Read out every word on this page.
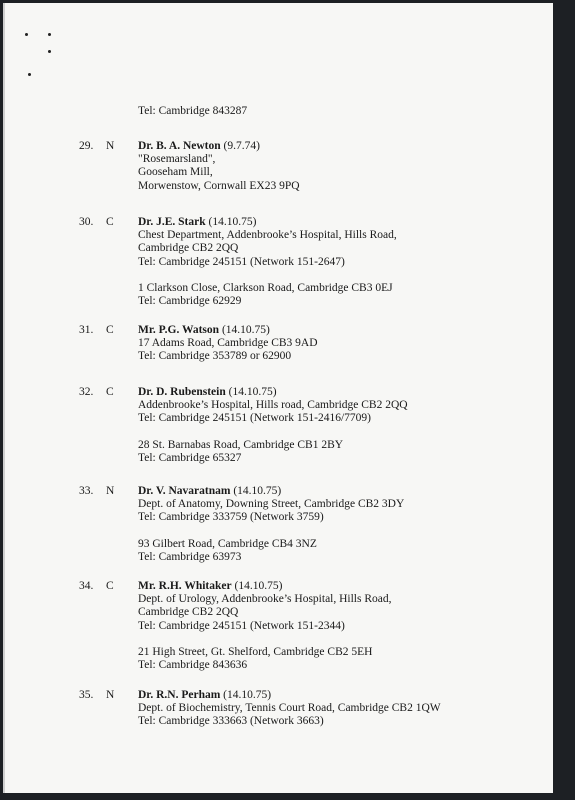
Tel: Cambridge 843287
29. N Dr. B. A. Newton (9.7.74)
"Rosemarsland",
Gooseham Mill,
Morwenstow, Cornwall EX23 9PQ
30. C Dr. J.E. Stark (14.10.75)
Chest Department, Addenbrooke’s Hospital, Hills Road,
Cambridge CB2 2QQ
Tel: Cambridge 245151 (Network 151-2647)
1 Clarkson Close, Clarkson Road, Cambridge CB3 0EJ
Tel: Cambridge 62929
31. C Mr. P.G. Watson (14.10.75)
17 Adams Road, Cambridge CB3 9AD
Tel: Cambridge 353789 or 62900
32. C Dr. D. Rubenstein (14.10.75)
Addenbrooke’s Hospital, Hills road, Cambridge CB2 2QQ
Tel: Cambridge 245151 (Network 151-2416/7709)
28 St. Barnabas Road, Cambridge CB1 2BY
Tel: Cambridge 65327
33. N Dr. V. Navaratnam (14.10.75)
Dept. of Anatomy, Downing Street, Cambridge CB2 3DY
Tel: Cambridge 333759 (Network 3759)
93 Gilbert Road, Cambridge CB4 3NZ
Tel: Cambridge 63973
34. C Mr. R.H. Whitaker (14.10.75)
Dept. of Urology, Addenbrooke’s Hospital, Hills Road,
Cambridge CB2 2QQ
Tel: Cambridge 245151 (Network 151-2344)
21 High Street, Gt. Shelford, Cambridge CB2 5EH
Tel: Cambridge 843636
35. N Dr. R.N. Perham (14.10.75)
Dept. of Biochemistry, Tennis Court Road, Cambridge CB2 1QW
Tel: Cambridge 333663 (Network 3663)
